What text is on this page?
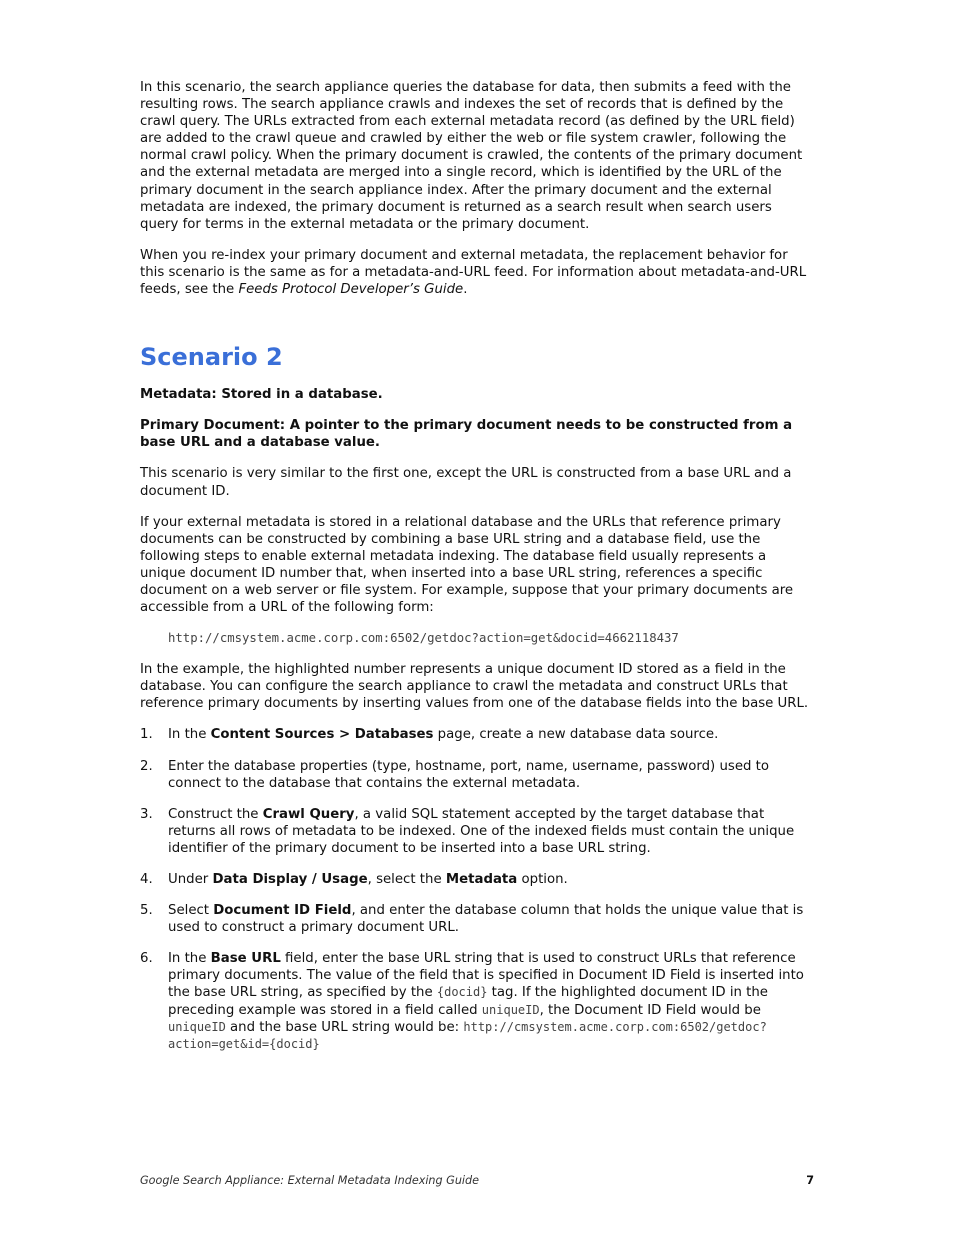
In this scenario, the search appliance queries the database for data, then submits a feed with the resulting rows. The search appliance crawls and indexes the set of records that is defined by the crawl query. The URLs extracted from each external metadata record (as defined by the URL field) are added to the crawl queue and crawled by either the web or file system crawler, following the normal crawl policy. When the primary document is crawled, the contents of the primary document and the external metadata are merged into a single record, which is identified by the URL of the primary document in the search appliance index. After the primary document and the external metadata are indexed, the primary document is returned as a search result when search users query for terms in the external metadata or the primary document.

When you re-index your primary document and external metadata, the replacement behavior for this scenario is the same as for a metadata-and-URL feed. For information about metadata-and-URL feeds, see the Feeds Protocol Developer’s Guide.

Scenario 2

Metadata: Stored in a database.

Primary Document: A pointer to the primary document needs to be constructed from a base URL and a database value.

This scenario is very similar to the first one, except the URL is constructed from a base URL and a document ID.

If your external metadata is stored in a relational database and the URLs that reference primary documents can be constructed by combining a base URL string and a database field, use the following steps to enable external metadata indexing. The database field usually represents a unique document ID number that, when inserted into a base URL string, references a specific document on a web server or file system. For example, suppose that your primary documents are accessible from a URL of the following form:

http://cmsystem.acme.corp.com:6502/getdoc?action=get&docid=4662118437

In the example, the highlighted number represents a unique document ID stored as a field in the database. You can configure the search appliance to crawl the metadata and construct URLs that reference primary documents by inserting values from one of the database fields into the base URL.

1. In the Content Sources > Databases page, create a new database data source.
2. Enter the database properties (type, hostname, port, name, username, password) used to connect to the database that contains the external metadata.
3. Construct the Crawl Query, a valid SQL statement accepted by the target database that returns all rows of metadata to be indexed. One of the indexed fields must contain the unique identifier of the primary document to be inserted into a base URL string.
4. Under Data Display / Usage, select the Metadata option.
5. Select Document ID Field, and enter the database column that holds the unique value that is used to construct a primary document URL.
6. In the Base URL field, enter the base URL string that is used to construct URLs that reference primary documents. The value of the field that is specified in Document ID Field is inserted into the base URL string, as specified by the {docid} tag. If the highlighted document ID in the preceding example was stored in a field called uniqueID, the Document ID Field would be uniqueID and the base URL string would be: http://cmsystem.acme.corp.com:6502/getdoc?action=get&id={docid}
Google Search Appliance: External Metadata Indexing Guide	7
